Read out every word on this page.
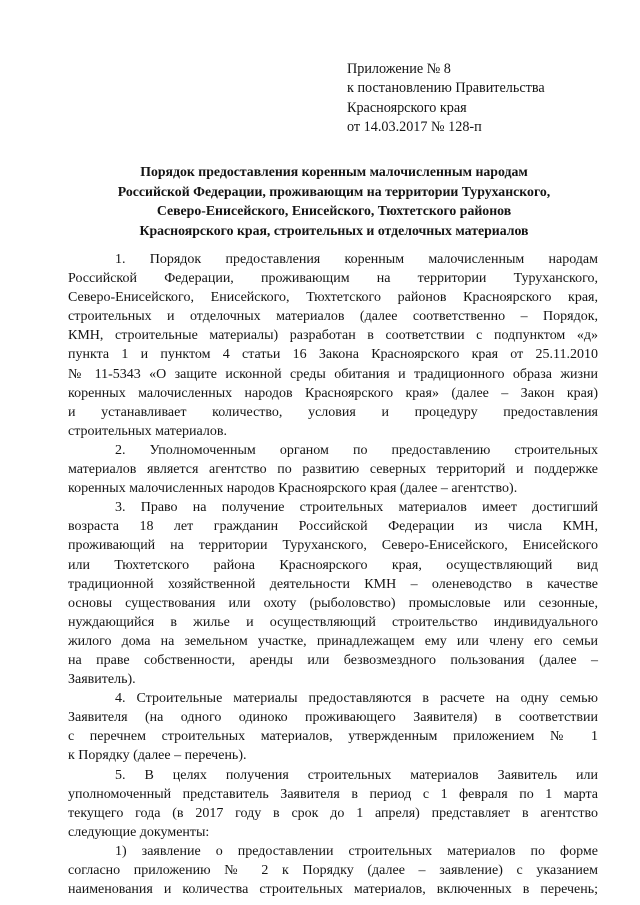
Приложение № 8
к постановлению Правительства
Красноярского края
от 14.03.2017 № 128-п
Порядок предоставления коренным малочисленным народам
Российской Федерации, проживающим на территории Туруханского,
Северо-Енисейского, Енисейского, Тюхтетского районов
Красноярского края, строительных и отделочных материалов
1. Порядок предоставления коренным малочисленным народам
Российской Федерации, проживающим на территории Туруханского,
Северо-Енисейского, Енисейского, Тюхтетского районов Красноярского края,
строительных и отделочных материалов (далее соответственно – Порядок,
КМН, строительные материалы) разработан в соответствии с подпунктом «д»
пункта 1 и пунктом 4 статьи 16 Закона Красноярского края от 25.11.2010
№ 11-5343 «О защите исконной среды обитания и традиционного образа жизни
коренных малочисленных народов Красноярского края» (далее – Закон края)
и устанавливает количество, условия и процедуру предоставления
строительных материалов.
2. Уполномоченным органом по предоставлению строительных
материалов является агентство по развитию северных территорий и поддержке
коренных малочисленных народов Красноярского края (далее – агентство).
3. Право на получение строительных материалов имеет достигший
возраста 18 лет гражданин Российской Федерации из числа КМН,
проживающий на территории Туруханского, Северо-Енисейского, Енисейского
или Тюхтетского района Красноярского края, осуществляющий вид
традиционной хозяйственной деятельности КМН – оленеводство в качестве
основы существования или охоту (рыболовство) промысловые или сезонные,
нуждающийся в жилье и осуществляющий строительство индивидуального
жилого дома на земельном участке, принадлежащем ему или члену его семьи
на праве собственности, аренды или безвозмездного пользования (далее –
Заявитель).
4. Строительные материалы предоставляются в расчете на одну семью
Заявителя (на одного одиноко проживающего Заявителя) в соответствии
с перечнем строительных материалов, утвержденным приложением № 1
к Порядку (далее – перечень).
5. В целях получения строительных материалов Заявитель или
уполномоченный представитель Заявителя в период с 1 февраля по 1 марта
текущего года (в 2017 году в срок до 1 апреля) представляет в агентство
следующие документы:
1) заявление о предоставлении строительных материалов по форме
согласно приложению № 2 к Порядку (далее – заявление) с указанием
наименования и количества строительных материалов, включенных в перечень;
